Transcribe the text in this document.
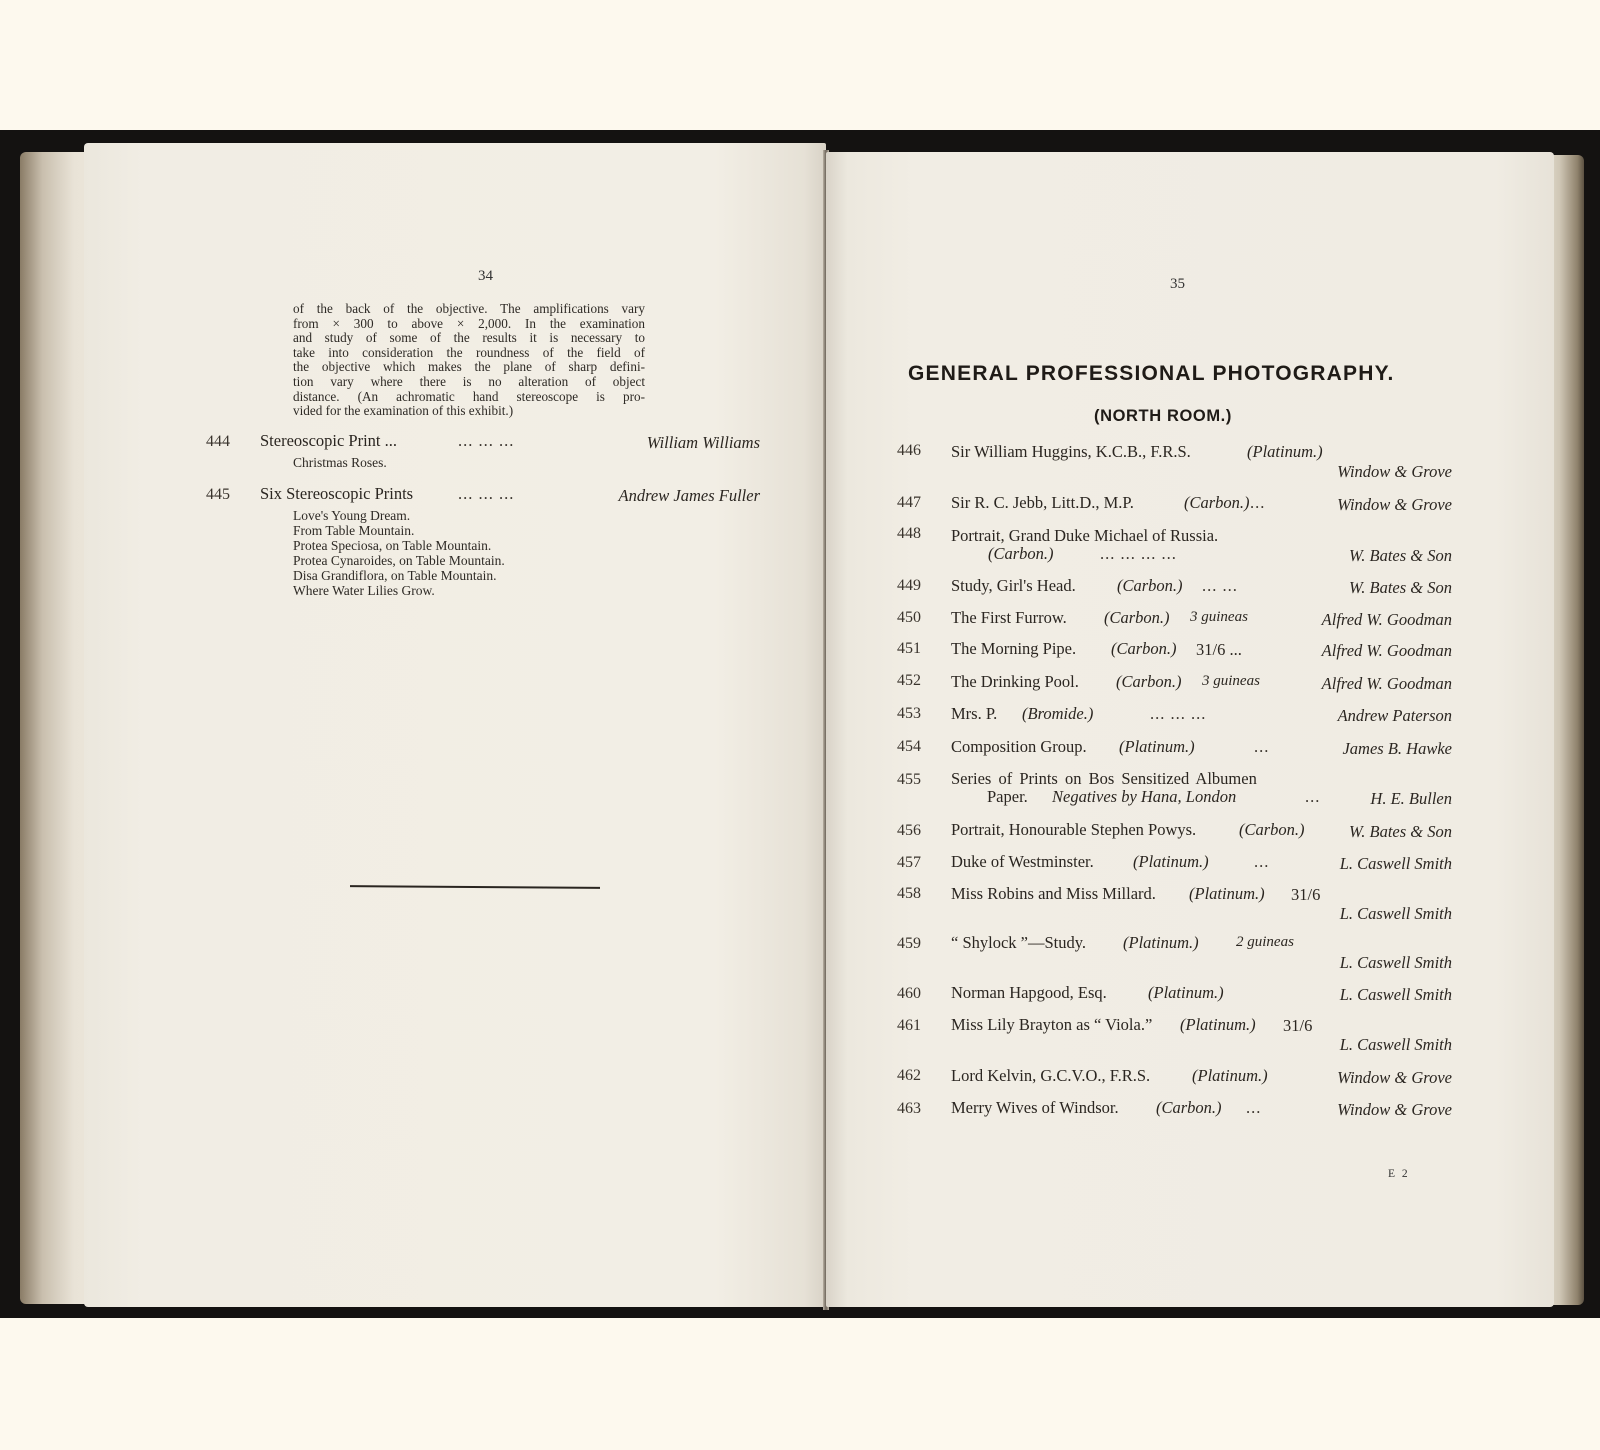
34
of the back of the objective. The amplifications vary
from × 300 to above × 2,000. In the examination
and study of some of the results it is necessary to
take into consideration the roundness of the field of
the objective which makes the plane of sharp defini-
tion vary where there is no alteration of object
distance. (An achromatic hand stereoscope is pro-
vided for the examination of this exhibit.)
444 Stereoscopic Print ...	... ... ...	William Williams
Christmas Roses.
445 Six Stereoscopic Prints	... ... ...	Andrew James Fuller
Love's Young Dream.
From Table Mountain.
Protea Speciosa, on Table Mountain.
Protea Cynaroides, on Table Mountain.
Disa Grandiflora, on Table Mountain.
Where Water Lilies Grow.
35
GENERAL PROFESSIONAL PHOTOGRAPHY.
(NORTH ROOM.)
446 Sir William Huggins, K.C.B., F.R.S.	(Platinum.)
Window & Grove
447 Sir R. C. Jebb, Litt.D., M.P.	(Carbon.) ...	Window & Grove
448 Portrait, Grand Duke Michael of Russia.
(Carbon.)	... ... ... ...	W. Bates & Son
449 Study, Girl's Head.	(Carbon.) ... ...	W. Bates & Son
450 The First Furrow. (Carbon.) 3 guineas	Alfred W. Goodman
451 The Morning Pipe. (Carbon.) 31/6 ...	Alfred W. Goodman
452 The Drinking Pool. (Carbon.) 3 guineas	Alfred W. Goodman
453 Mrs. P. (Bromide.)	... ... ...	Andrew Paterson
454 Composition Group. (Platinum.)	...	James B. Hawke
455 Series of Prints on Bos Sensitized Albumen
Paper. Negatives by Hana, London	...	H. E. Bullen
456 Portrait, Honourable Stephen Powys.	(Carbon.)	W. Bates & Son
457 Duke of Westminster. (Platinum.)	...	L. Caswell Smith
458 Miss Robins and Miss Millard. (Platinum.) 31/6
L. Caswell Smith
459 “ Shylock ”—Study. (Platinum.) 2 guineas
L. Caswell Smith
460 Norman Hapgood, Esq. (Platinum.)	L. Caswell Smith
461 Miss Lily Brayton as “ Viola.” (Platinum.) 31/6
L. Caswell Smith
462 Lord Kelvin, G.C.V.O., F.R.S.	(Platinum.)	Window & Grove
463 Merry Wives of Windsor. (Carbon.) ...	Window & Grove
E 2
